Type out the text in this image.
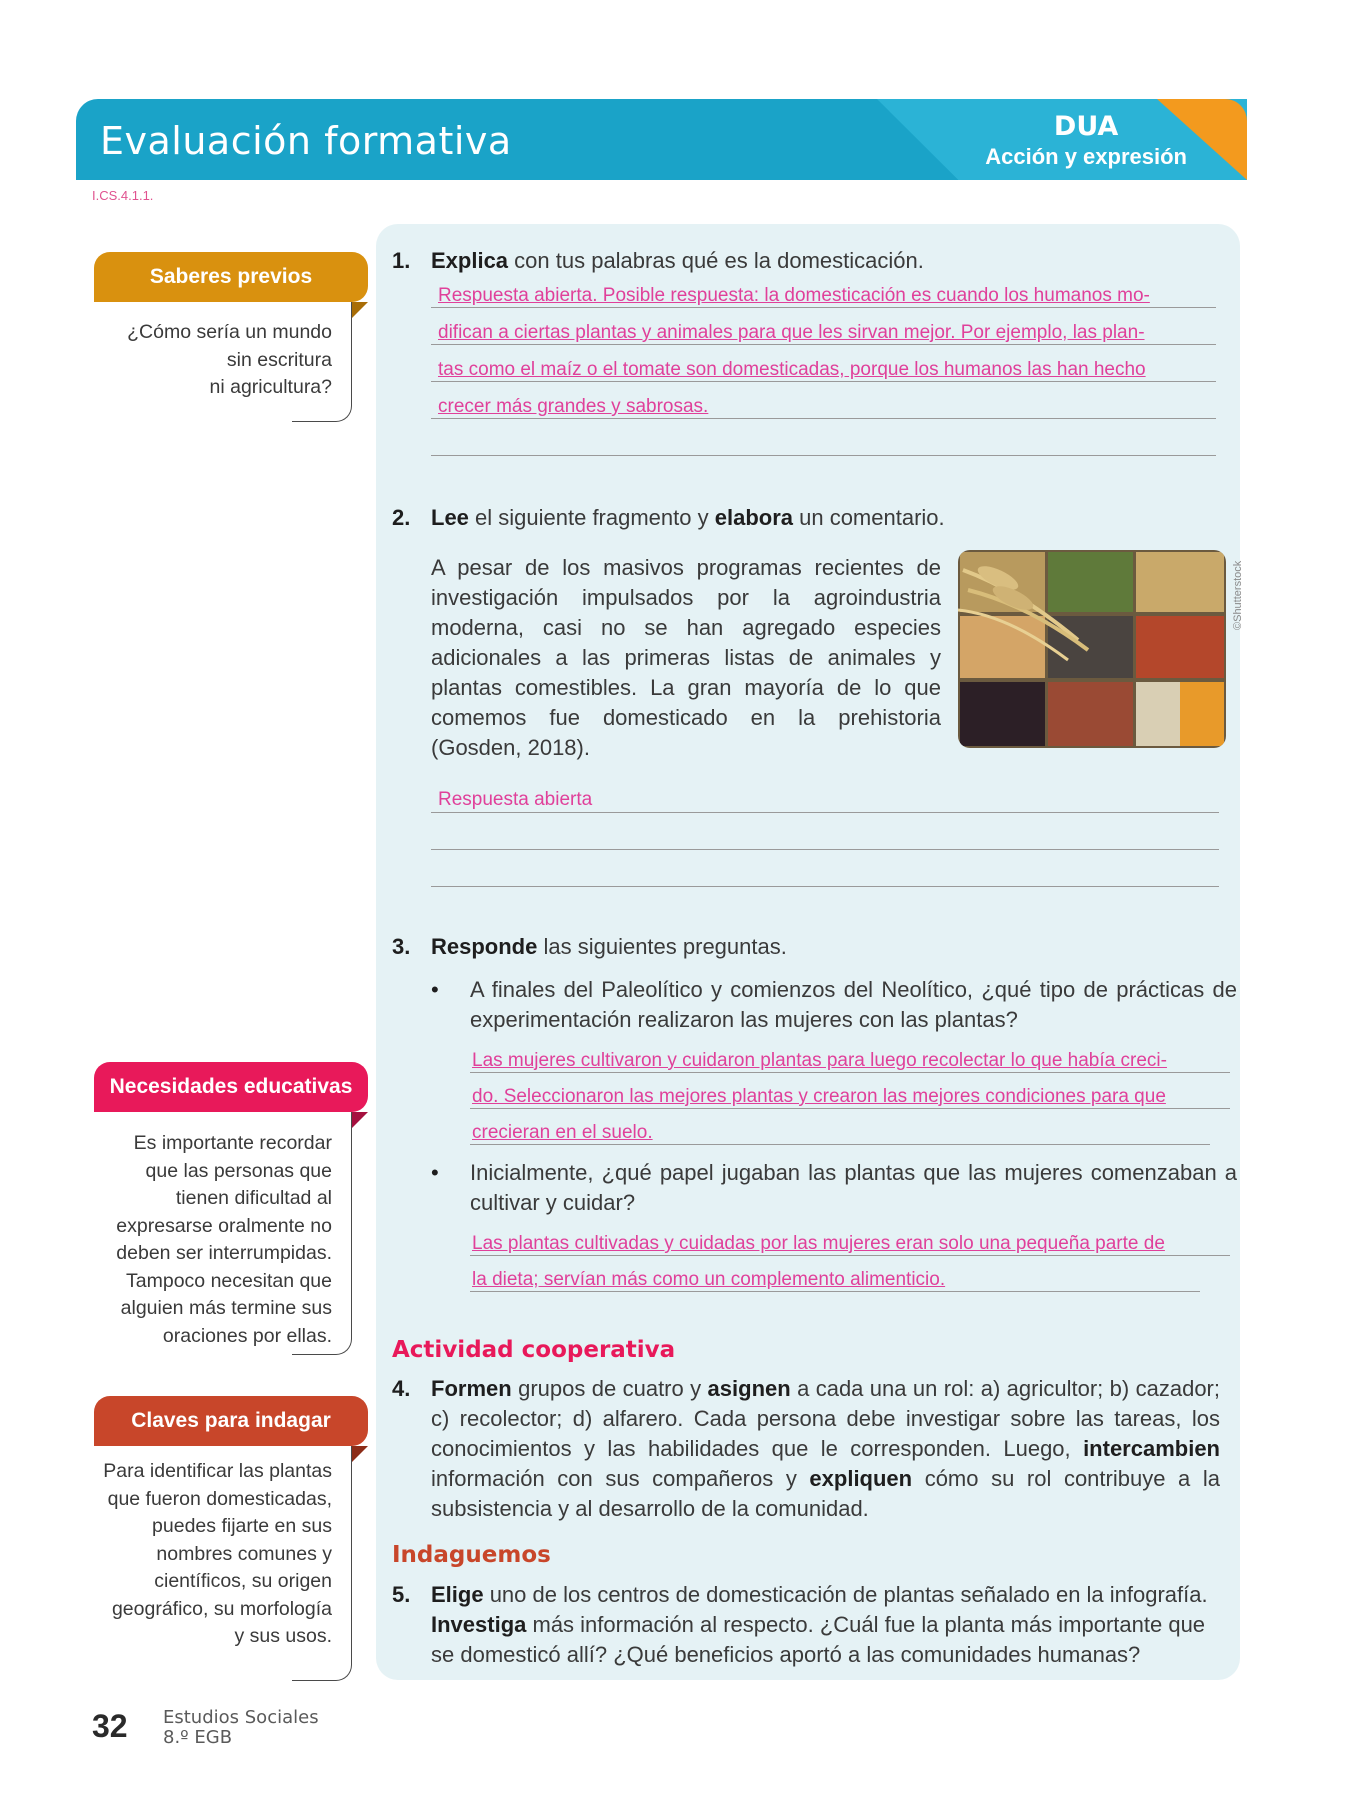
Evaluación formativa	DUA
Acción y expresión
I.CS.4.1.1.
Saberes previos
¿Cómo sería un mundo
sin escritura
ni agricultura?
Necesidades educativas
Es importante recordar
que las personas que
tienen dificultad al
expresarse oralmente no
deben ser interrumpidas.
Tampoco necesitan que
alguien más termine sus
oraciones por ellas.
Claves para indagar
Para identificar las plantas
que fueron domesticadas,
puedes fijarte en sus
nombres comunes y
científicos, su origen
geográfico, su morfología
y sus usos.
1. Explica con tus palabras qué es la domesticación.
Respuesta abierta. Posible respuesta: la domesticación es cuando los humanos mo-
difican a ciertas plantas y animales para que les sirvan mejor. Por ejemplo, las plan-
tas como el maíz o el tomate son domesticadas, porque los humanos las han hecho
crecer más grandes y sabrosas.
2. Lee el siguiente fragmento y elabora un comentario.
A pesar de los masivos programas recientes de investigación impulsados por la agroindustria moderna, casi no se han agregado especies adicionales a las primeras listas de animales y plantas comestibles. La gran mayoría de lo que comemos fue domesticado en la prehistoria (Gosden, 2018).
©Shutterstock
Respuesta abierta
3. Responde las siguientes preguntas.
• A finales del Paleolítico y comienzos del Neolítico, ¿qué tipo de prácticas de experimentación realizaron las mujeres con las plantas?
Las mujeres cultivaron y cuidaron plantas para luego recolectar lo que había creci-
do. Seleccionaron las mejores plantas y crearon las mejores condiciones para que
crecieran en el suelo.
• Inicialmente, ¿qué papel jugaban las plantas que las mujeres comenzaban a cultivar y cuidar?
Las plantas cultivadas y cuidadas por las mujeres eran solo una pequeña parte de
la dieta; servían más como un complemento alimenticio.
Actividad cooperativa
4. Formen grupos de cuatro y asignen a cada una un rol: a) agricultor; b) cazador; c) recolector; d) alfarero. Cada persona debe investigar sobre las tareas, los conocimientos y las habilidades que le corresponden. Luego, intercambien información con sus compañeros y expliquen cómo su rol contribuye a la subsistencia y al desarrollo de la comunidad.
Indaguemos
5. Elige uno de los centros de domesticación de plantas señalado en la infografía. Investiga más información al respecto. ¿Cuál fue la planta más importante que se domesticó allí? ¿Qué beneficios aportó a las comunidades humanas?
32 Estudios Sociales
8.º EGB
